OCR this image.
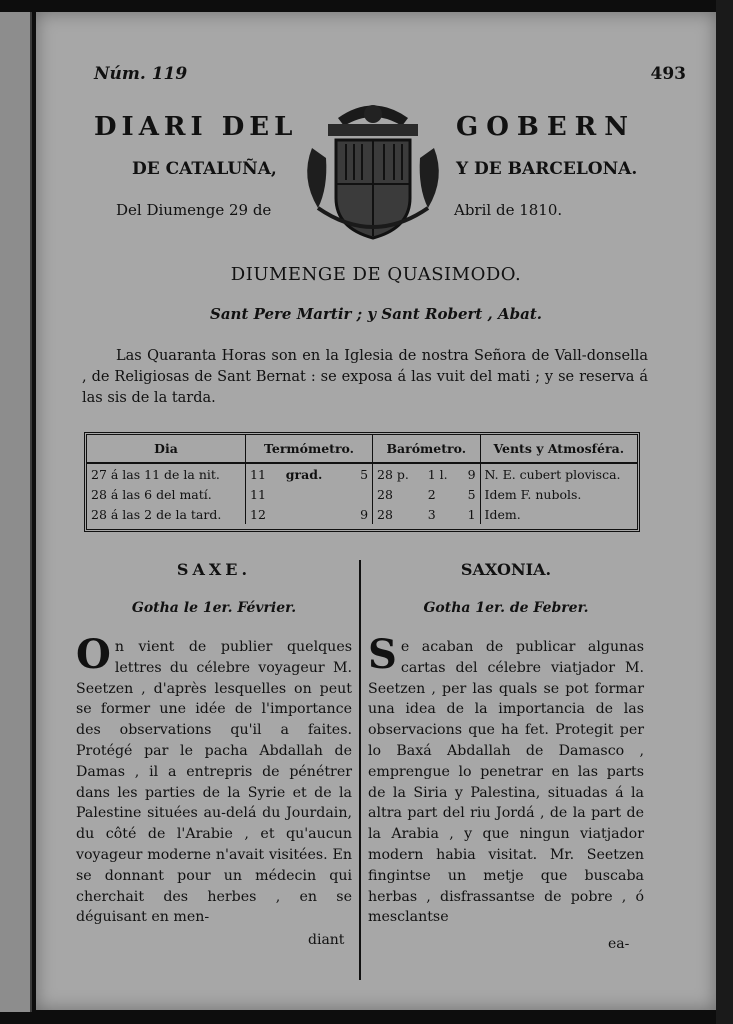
Núm. 119	493
DIARI DEL	GOBERN
DE CATALUÑA,	Y DE BARCELONA.
Del Diumenge 29 de	Abril de 1810.
DIUMENGE DE QUASIMODO.
Sant Pere Martir ; y Sant Robert , Abat.
Las Quaranta Horas son en la Iglesia de nostra Señora de Vall-donsella , de Religiosas de Sant Bernat : se exposa á las vuit del mati ; y se reserva á las sis de la tarda.
Dia	Termómetro.			Barómetro.			Vents y Atmosféra.
27 á las 11 de la nit.	11	grad.	5	28 p.	1 l.	9	N. E. cubert plovisca.
28 á las 6 del matí.	11			28	2	5	Idem F. nubols.
28 á las 2 de la tard.	12		9	28	3	1	Idem.
SAXE.	SAXONIA.
Gotha le 1er. Février.	Gotha 1er. de Febrer.
On vient de publier quelques lettres du célebre voyageur M. Seetzen , d'après lesquelles on peut se former une idée de l'importance des observations qu'il a faites. Protégé par le pacha Abdallah de Damas , il a entrepris de pénétrer dans les parties de la Syrie et de la Palestine situées au-delá du Jourdain, du côté de l'Arabie , et qu'aucun voyageur moderne n'avait visitées. En se donnant pour un médecin qui cherchait des herbes , en se déguisant en men-
diant
Se acaban de publicar algunas cartas del célebre viatjador M. Seetzen , per las quals se pot formar una idea de la importancia de las observacions que ha fet. Protegit per lo Baxá Abdallah de Damasco , emprengue lo penetrar en las parts de la Siria y Palestina, situadas á la altra part del riu Jordá , de la part de la Arabia , y que ningun viatjador modern habia visitat. Mr. Seetzen fingintse un metje que buscaba herbas , disfrassantse de pobre , ó mesclantse
ea-
